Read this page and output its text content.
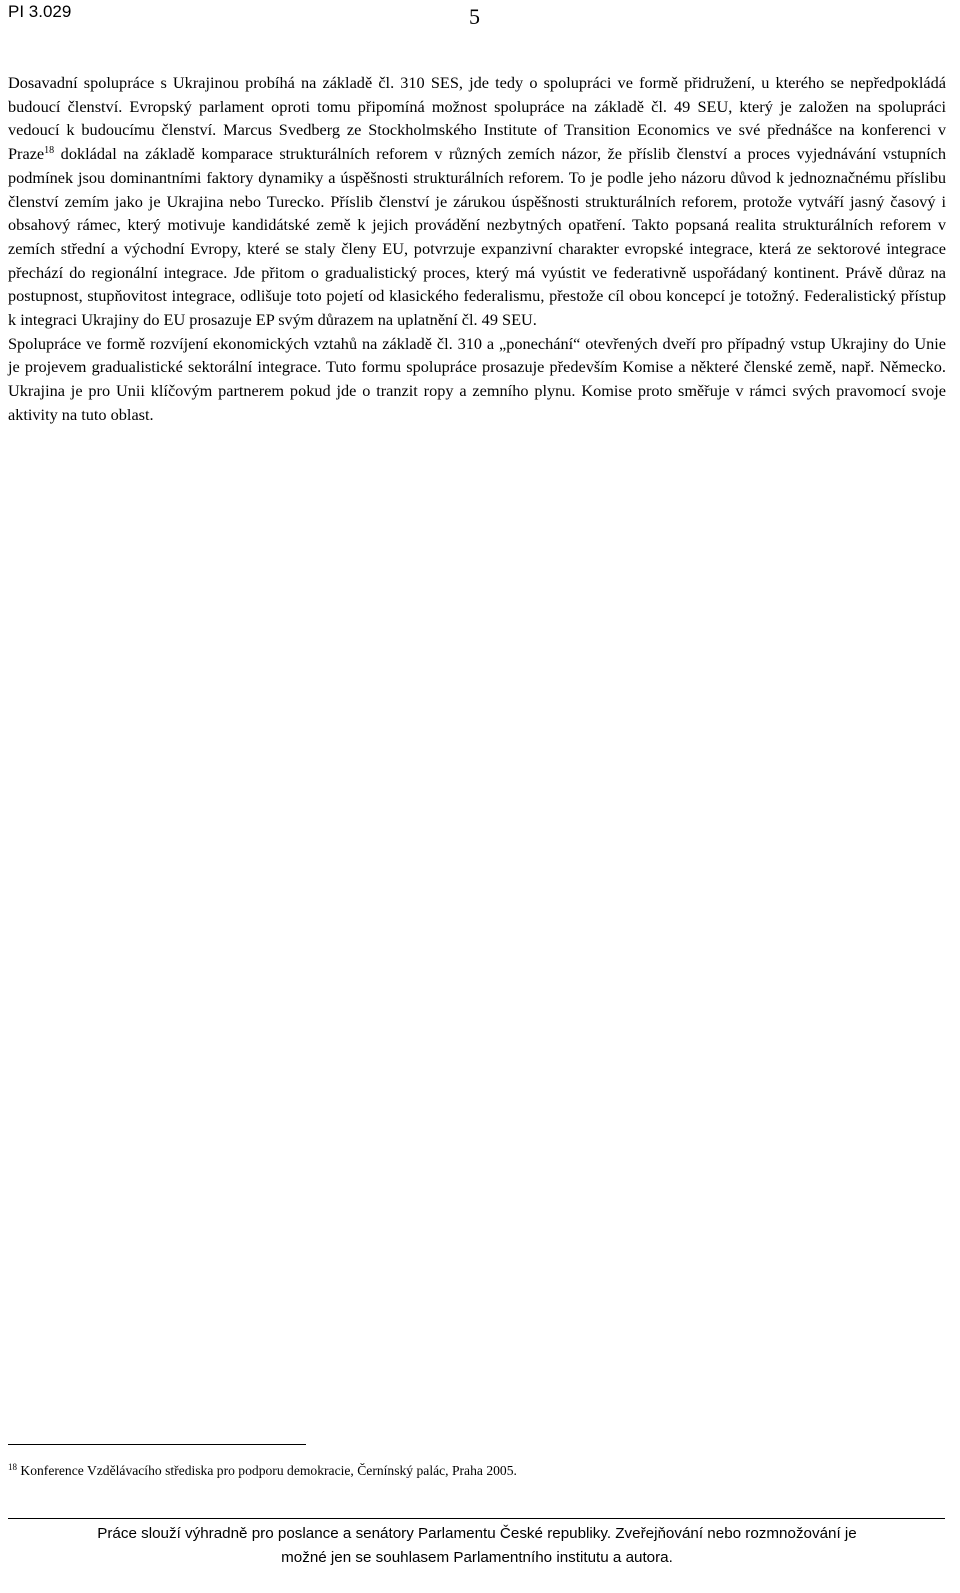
PI 3.029	5

Dosavadní spolupráce s Ukrajinou probíhá na základě čl. 310 SES, jde tedy o spolupráci ve formě přidružení, u kterého se nepředpokládá budoucí členství. Evropský parlament oproti tomu připomíná možnost spolupráce na základě čl. 49 SEU, který je založen na spolupráci vedoucí k budoucímu členství. Marcus Svedberg ze Stockholmského Institute of Transition Economics ve své přednášce na konferenci v Praze$^{18}$ dokládal na základě komparace strukturálních reforem v různých zemích názor, že příslib členství a proces vyjednávání vstupních podmínek jsou dominantními faktory dynamiky a úspěšnosti strukturálních reforem. To je podle jeho názoru důvod k jednoznačnému příslibu členství zemím jako je Ukrajina nebo Turecko. Příslib členství je zárukou úspěšnosti strukturálních reforem, protože vytváří jasný časový i obsahový rámec, který motivuje kandidátské země k jejich provádění nezbytných opatření. Takto popsaná realita strukturálních reforem v zemích střední a východní Evropy, které se staly členy EU, potvrzuje expanzivní charakter evropské integrace, která ze sektorové integrace přechází do regionální integrace. Jde přitom o gradualistický proces, který má vyústit ve federativně uspořádaný kontinent. Právě důraz na postupnost, stupňovitost integrace, odlišuje toto pojetí od klasického federalismu, přestože cíl obou koncepcí je totožný. Federalistický přístup k integraci Ukrajiny do EU prosazuje EP svým důrazem na uplatnění čl. 49 SEU.

Spolupráce ve formě rozvíjení ekonomických vztahů na základě čl. 310 a „ponechání“ otevřených dveří pro případný vstup Ukrajiny do Unie je projevem gradualistické sektorální integrace. Tuto formu spolupráce prosazuje především Komise a některé členské země, např. Německo. Ukrajina je pro Unii klíčovým partnerem pokud jde o tranzit ropy a zemního plynu. Komise proto směřuje v rámci svých pravomocí svoje aktivity na tuto oblast.

$^{18}$ Konference Vzdělávacího střediska pro podporu demokracie, Černínský palác, Praha 2005.
Práce slouží výhradně pro poslance a senátory Parlamentu České republiky. Zveřejňování nebo rozmnožování je
možné jen se souhlasem Parlamentního institutu a autora.
